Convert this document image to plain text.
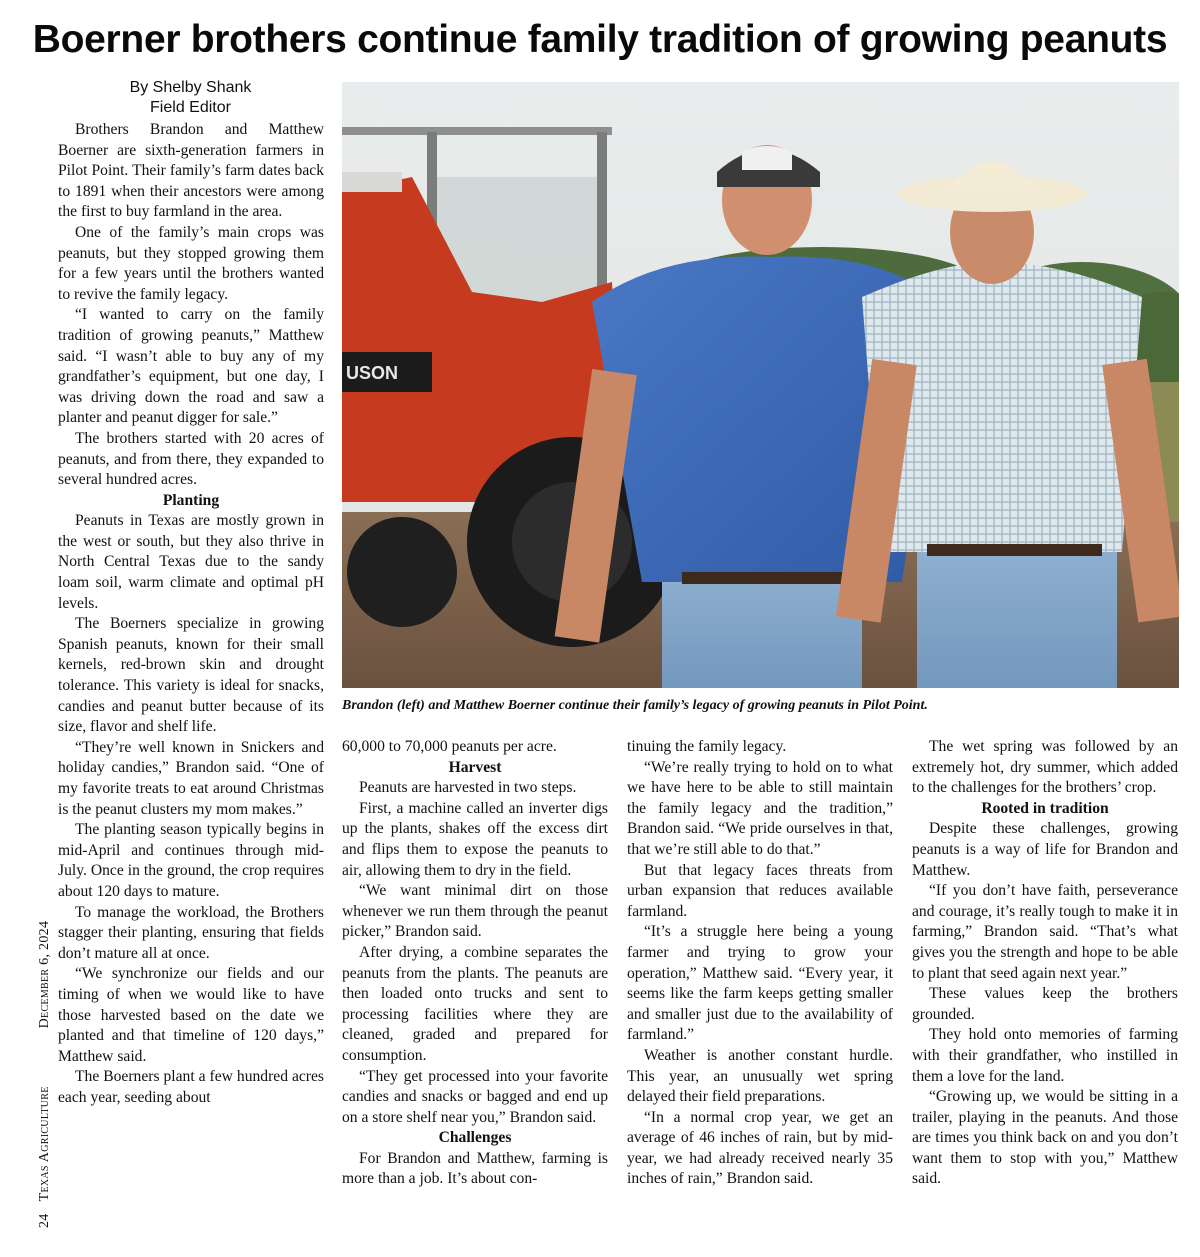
Boerner brothers continue family tradition of growing peanuts
By Shelby Shank
Field Editor

Brothers Brandon and Matthew Boerner are sixth-generation farmers in Pilot Point. Their family’s farm dates back to 1891 when their ancestors were among the first to buy farmland in the area.

One of the family’s main crops was peanuts, but they stopped growing them for a few years until the brothers wanted to revive the family legacy.

“I wanted to carry on the family tradition of growing peanuts,” Matthew said. “I wasn’t able to buy any of my grandfather’s equipment, but one day, I was driving down the road and saw a planter and peanut digger for sale.”

The brothers started with 20 acres of peanuts, and from there, they expanded to several hundred acres.

Planting

Peanuts in Texas are mostly grown in the west or south, but they also thrive in North Central Texas due to the sandy loam soil, warm climate and optimal pH levels.

The Boerners specialize in growing Spanish peanuts, known for their small kernels, red-brown skin and drought tolerance. This variety is ideal for snacks, candies and peanut butter because of its size, flavor and shelf life.

“They’re well known in Snickers and holiday candies,” Brandon said. “One of my favorite treats to eat around Christmas is the peanut clusters my mom makes.”

The planting season typically begins in mid-April and continues through mid-July. Once in the ground, the crop requires about 120 days to mature.

To manage the workload, the Brothers stagger their planting, ensuring that fields don’t mature all at once.

“We synchronize our fields and our timing of when we would like to have those harvested based on the date we planted and that timeline of 120 days,” Matthew said.

The Boerners plant a few hundred acres each year, seeding about

USON
Brandon (left) and Matthew Boerner continue their family’s legacy of growing peanuts in Pilot Point.

60,000 to 70,000 peanuts per acre.

Harvest

Peanuts are harvested in two steps.

First, a machine called an inverter digs up the plants, shakes off the excess dirt and flips them to expose the peanuts to air, allowing them to dry in the field.

“We want minimal dirt on those whenever we run them through the peanut picker,” Brandon said.

After drying, a combine separates the peanuts from the plants. The peanuts are then loaded onto trucks and sent to processing facilities where they are cleaned, graded and prepared for consumption.

“They get processed into your favorite candies and snacks or bagged and end up on a store shelf near you,” Brandon said.

Challenges

For Brandon and Matthew, farming is more than a job. It’s about con-

tinuing the family legacy.

“We’re really trying to hold on to what we have here to be able to still maintain the family legacy and the tradition,” Brandon said. “We pride ourselves in that, that we’re still able to do that.”

But that legacy faces threats from urban expansion that reduces available farmland.

“It’s a struggle here being a young farmer and trying to grow your operation,” Matthew said. “Every year, it seems like the farm keeps getting smaller and smaller just due to the availability of farmland.”

Weather is another constant hurdle. This year, an unusually wet spring delayed their field preparations.

“In a normal crop year, we get an average of 46 inches of rain, but by mid-year, we had already received nearly 35 inches of rain,” Brandon said.

The wet spring was followed by an extremely hot, dry summer, which added to the challenges for the brothers’ crop.

Rooted in tradition

Despite these challenges, growing peanuts is a way of life for Brandon and Matthew.

“If you don’t have faith, perseverance and courage, it’s really tough to make it in farming,” Brandon said. “That’s what gives you the strength and hope to be able to plant that seed again next year.”

These values keep the brothers grounded.

They hold onto memories of farming with their grandfather, who instilled in them a love for the land.

“Growing up, we would be sitting in a trailer, playing in the peanuts. And those are times you think back on and you don’t want them to stop with you,” Matthew said.

24Texas AgricultureDecember 6, 2024
